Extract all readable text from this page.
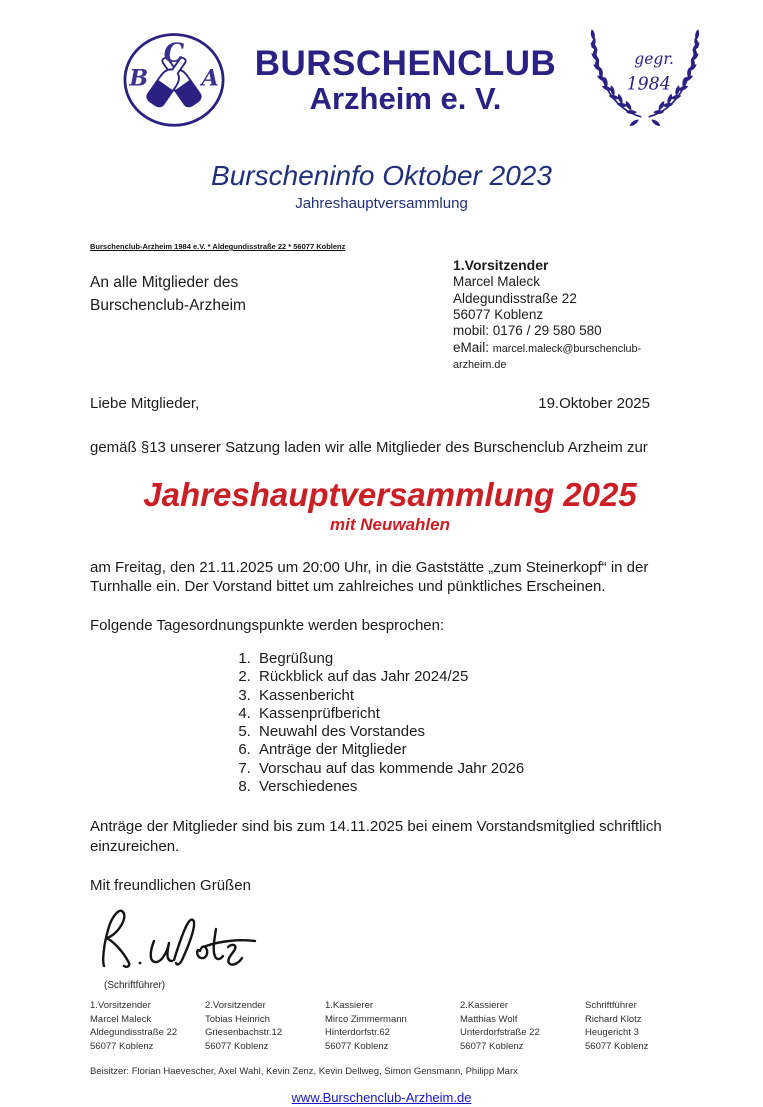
B
C
A	BURSCHENCLUB
Arzheim e. V.
gegr.
1984
Burscheninfo Oktober 2023
Jahreshauptversammlung
Burschenclub-Arzheim 1984 e.V. * Aldegundisstraße 22 * 56077 Koblenz
An alle Mitglieder des
Burschenclub-Arzheim
1.Vorsitzender
Marcel Maleck
Aldegundisstraße 22
56077 Koblenz
mobil: 0176 / 29 580 580
eMail: marcel.maleck@burschenclub-arzheim.de
Liebe Mitglieder,	19.Oktober 2025
gemäß §13 unserer Satzung laden wir alle Mitglieder des Burschenclub Arzheim zur
Jahreshauptversammlung 2025
mit Neuwahlen
am Freitag, den 21.11.2025 um 20:00 Uhr, in die Gaststätte „zum Steinerkopf“ in der Turnhalle ein. Der Vorstand bittet um zahlreiches und pünktliches Erscheinen.
Folgende Tagesordnungspunkte werden besprochen:
1. Begrüßung
2. Rückblick auf das Jahr 2024/25
3. Kassenbericht
4. Kassenprüfbericht
5. Neuwahl des Vorstandes
6. Anträge der Mitglieder
7. Vorschau auf das kommende Jahr 2026
8. Verschiedenes
Anträge der Mitglieder sind bis zum 14.11.2025 bei einem Vorstandsmitglied schriftlich einzureichen.
Mit freundlichen Grüßen
(Schriftführer)
1.Vorsitzender
Marcel Maleck
Aldegundisstraße 22
56077 Koblenz
2.Vorsitzender
Tobias Heinrich
Griesenbachstr.12
56077 Koblenz
1.Kassierer
Mirco Zimmermann
Hinterdorfstr.62
56077 Koblenz
2.Kassierer
Matthias Wolf
Unterdorfstraße 22
56077 Koblenz
Schriftführer
Richard Klotz
Heugericht 3
56077 Koblenz
Beisitzer: Florian Haevescher, Axel Wahl, Kevin Zenz, Kevin Dellweg, Simon Gensmann, Philipp Marx
www.Burschenclub-Arzheim.de
